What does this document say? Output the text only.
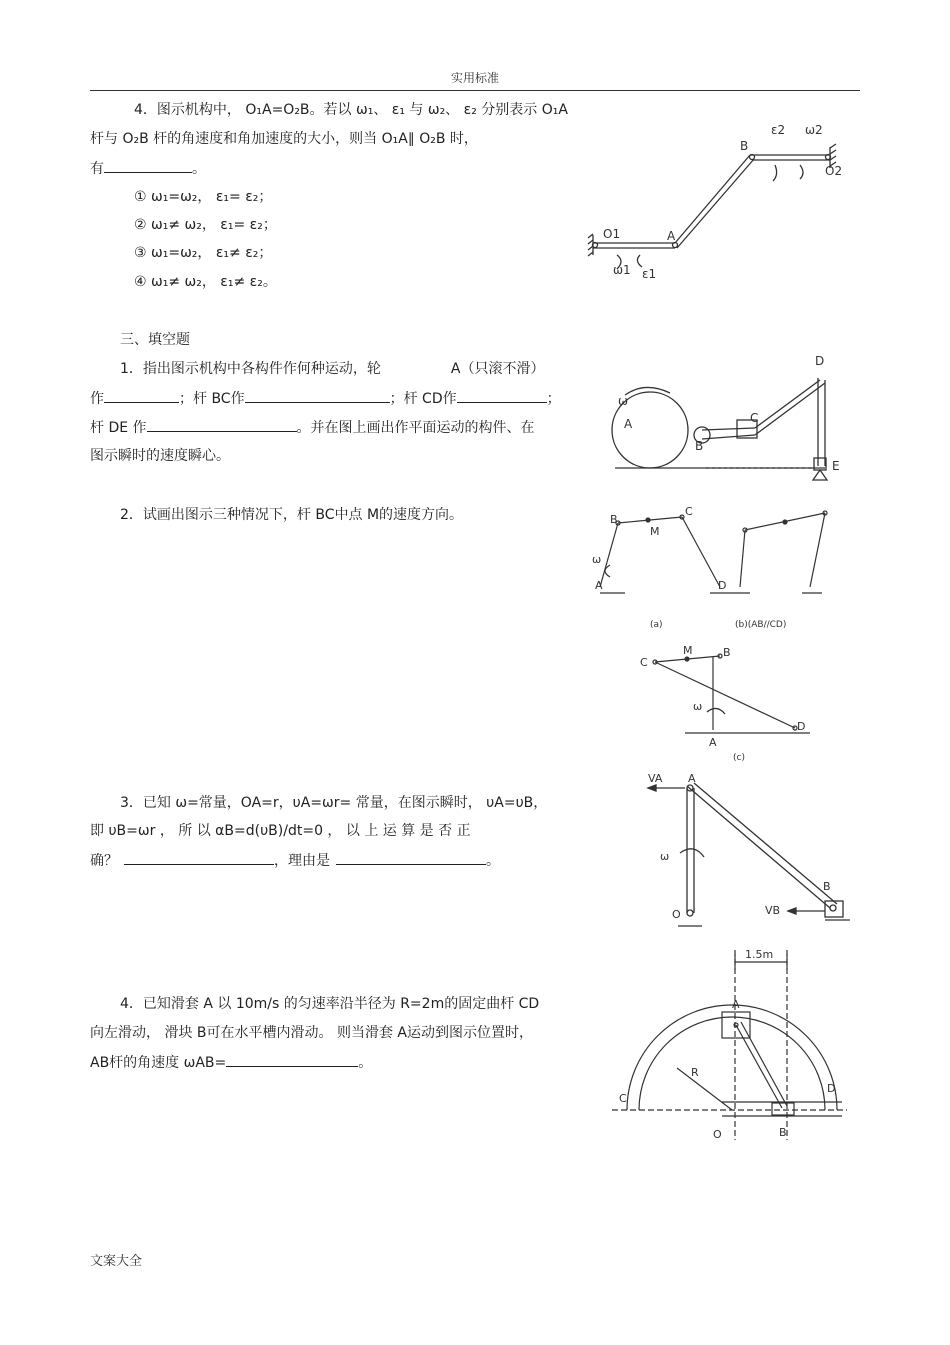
实用标准
4．图示机构中， O₁A=O₂B。若以 ω₁、 ε₁ 与 ω₂、 ε₂ 分别表示 O₁A
杆与 O₂B 杆的角速度和角加速度的大小，则当 O₁A∥ O₂B 时，
有	。
① ω₁=ω₂， ε₁= ε₂；
② ω₁≠ ω₂， ε₁= ε₂；
③ ω₁=ω₂， ε₁≠ ε₂；
④ ω₁≠ ω₂， ε₁≠ ε₂。
三、填空题
1．指出图示机构中各构件作何种运动，轮	A（只滚不滑）
作	；杆 BC作	；杆 CD作	；
杆 DE 作	。并在图上画出作平面运动的构件、在
图示瞬时的速度瞬心。
2．试画出图示三种情况下，杆 BC中点 M的速度方向。
3．已知 ω=常量，OA=r，υA=ωr= 常量，在图示瞬时， υA=υB，
即 υB=ωr ， 所 以 αB=d(υB)/dt=0 ， 以 上 运 算 是 否 正
确？	，理由是	。
4．已知滑套 A 以 10m/s 的匀速率沿半径为 R=2m的固定曲杆 CD
向左滑动， 滑块 B可在水平槽内滑动。 则当滑套 A运动到图示位置时，
AB杆的角速度 ωAB=	。
文案大全
B
ε2 ω2
O2
O1	A
ω1 ε1
D
ω
A
B
C
E
B
M
C
ω
A	D
(a)	(b)(AB//CD)
C
M	B
ω
A
D
(c)
VA A
ω
B
VB
O
1.5m
A
R
C
D
O	B
